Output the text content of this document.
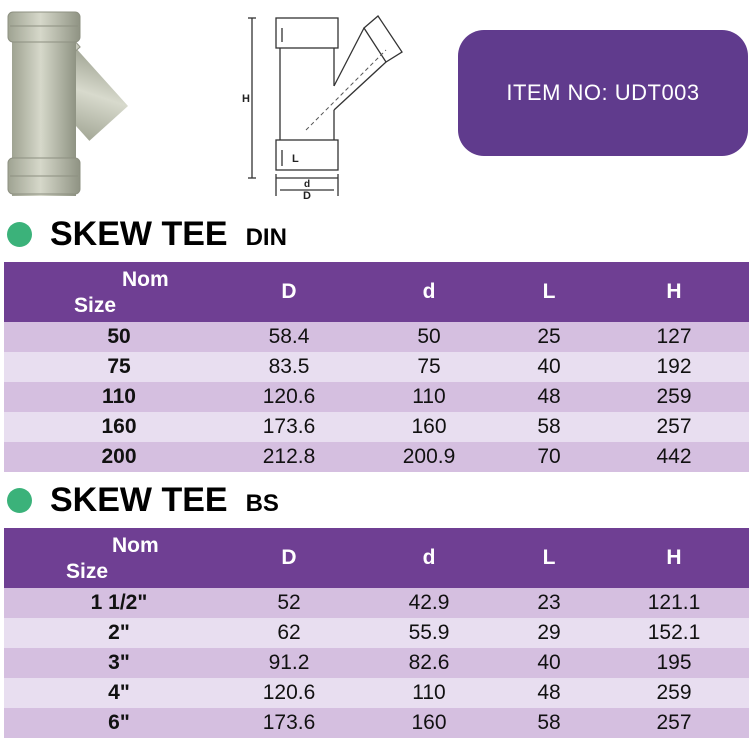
H
L
d
D
ITEM NO: UDT003
SKEW TEE DIN
Nom
Size
D	d	L	H
50	58.4	50	25	127
75	83.5	75	40	192
110	120.6	110	48	259
160	173.6	160	58	257
200	212.8	200.9	70	442
SKEW TEE BS
Nom
Size
D	d	L	H
1 1/2"	52	42.9	23	121.1
2"	62	55.9	29	152.1
3"	91.2	82.6	40	195
4"	120.6	110	48	259
6"	173.6	160	58	257
